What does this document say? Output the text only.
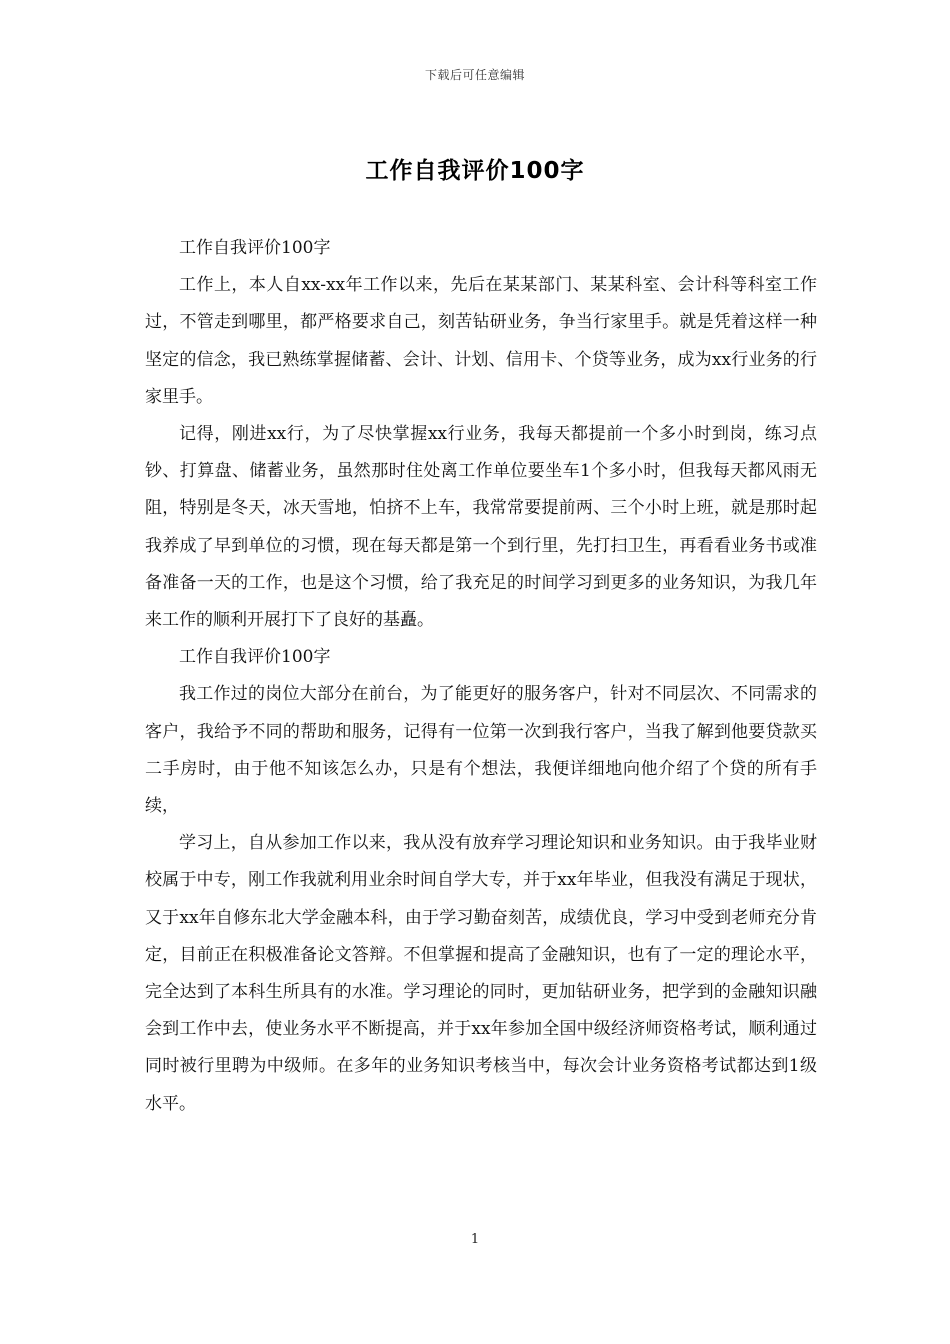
下载后可任意编辑
工作自我评价100字

工作自我评价100字

工作上，本人自xx-xx年工作以来，先后在某某部门、某某科室、会计科等科室工作过，不管走到哪里，都严格要求自己，刻苦钻研业务，争当行家里手。就是凭着这样一种坚定的信念，我已熟练掌握储蓄、会计、计划、信用卡、个贷等业务，成为xx行业务的行家里手。

记得，刚进xx行，为了尽快掌握xx行业务，我每天都提前一个多小时到岗，练习点钞、打算盘、储蓄业务，虽然那时住处离工作单位要坐车1个多小时，但我每天都风雨无阻，特别是冬天，冰天雪地，怕挤不上车，我常常要提前两、三个小时上班，就是那时起我养成了早到单位的习惯，现在每天都是第一个到行里，先打扫卫生，再看看业务书或准备准备一天的工作，也是这个习惯，给了我充足的时间学习到更多的业务知识，为我几年来工作的顺利开展打下了良好的基矗。

工作自我评价100字

我工作过的岗位大部分在前台，为了能更好的服务客户，针对不同层次、不同需求的客户，我给予不同的帮助和服务，记得有一位第一次到我行客户，当我了解到他要贷款买二手房时，由于他不知该怎么办，只是有个想法，我便详细地向他介绍了个贷的所有手续，

学习上，自从参加工作以来，我从没有放弃学习理论知识和业务知识。由于我毕业财校属于中专，刚工作我就利用业余时间自学大专，并于xx年毕业，但我没有满足于现状，又于xx年自修东北大学金融本科，由于学习勤奋刻苦，成绩优良，学习中受到老师充分肯定，目前正在积极准备论文答辩。不但掌握和提高了金融知识，也有了一定的理论水平，完全达到了本科生所具有的水准。学习理论的同时，更加钻研业务，把学到的金融知识融会到工作中去，使业务水平不断提高，并于xx年参加全国中级经济师资格考试，顺利通过同时被行里聘为中级师。在多年的业务知识考核当中，每次会计业务资格考试都达到1级水平。

1
